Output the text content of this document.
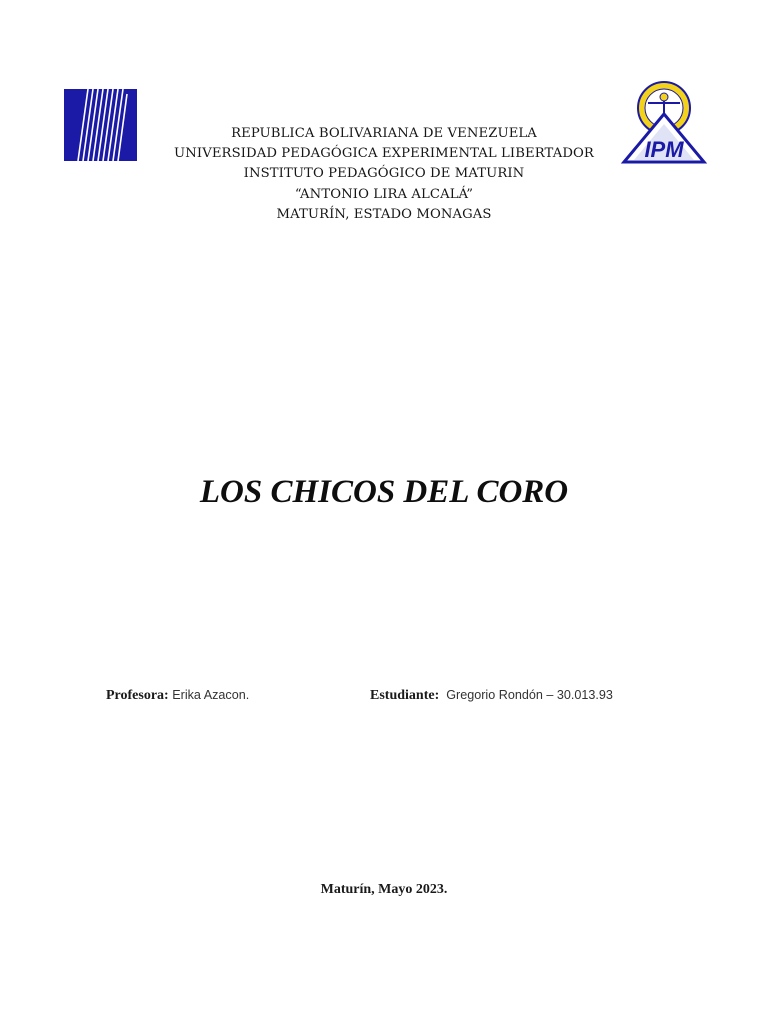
IPM
REPUBLICA BOLIVARIANA DE VENEZUELA
UNIVERSIDAD PEDAGÓGICA EXPERIMENTAL LIBERTADOR
INSTITUTO PEDAGÓGICO DE MATURIN
“ANTONIO LIRA ALCALÁ”
MATURÍN, ESTADO MONAGAS
LOS CHICOS DEL CORO
Profesora: Erika Azacon.	Estudiante: Gregorio Rondón – 30.013.93
Maturín, Mayo 2023.
